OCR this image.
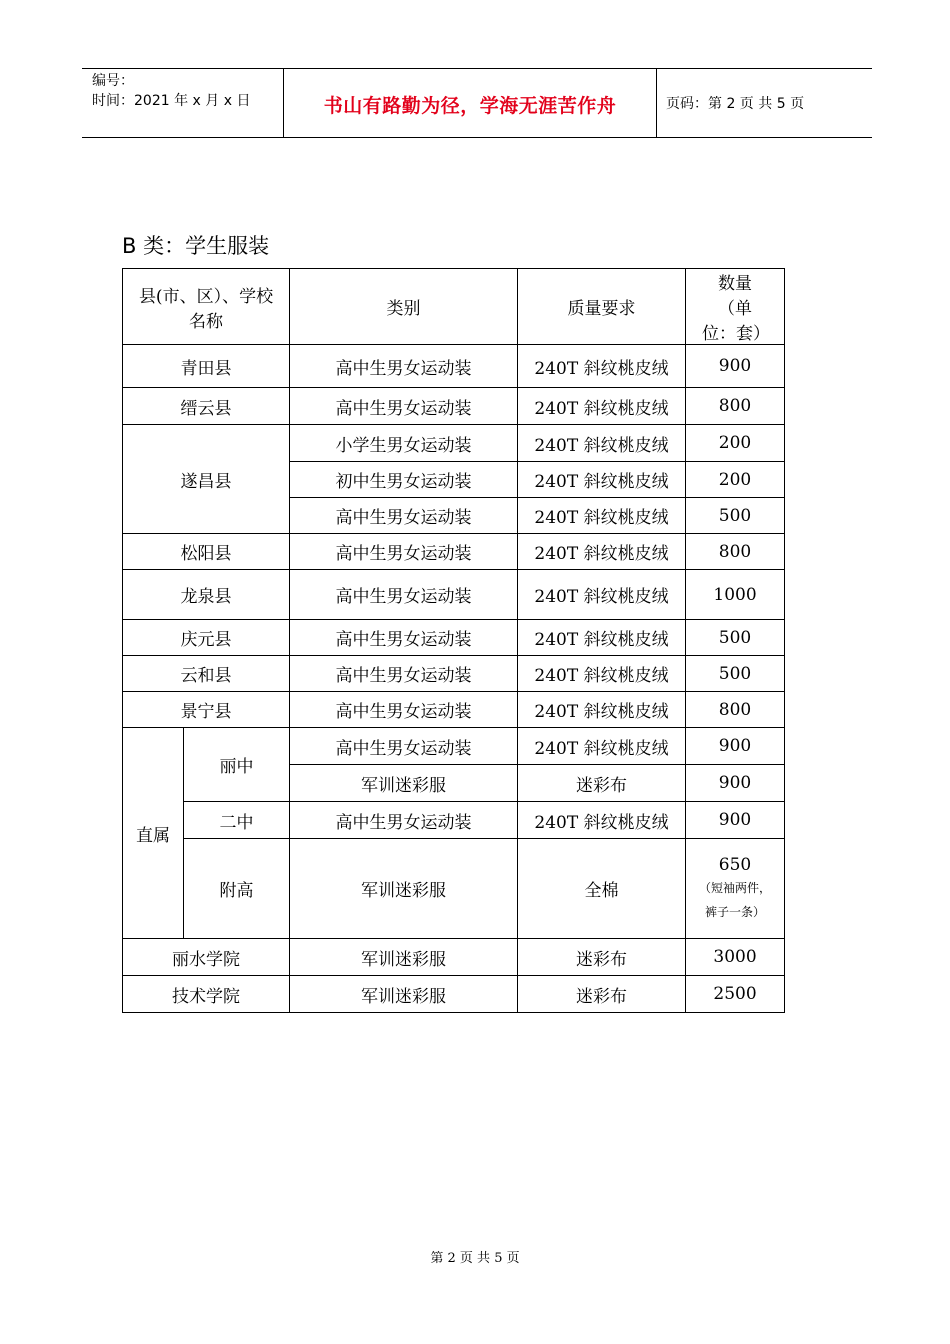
编号：
时间：2021 年 x 月 x 日	书山有路勤为径，学海无涯苦作舟	页码：第 2 页 共 5 页
B 类：学生服装
县(市、区）、学校名称		类别	质量要求	数量（单位：套）
青田县		高中生男女运动装	240T 斜纹桃皮绒	900
缙云县		高中生男女运动装	240T 斜纹桃皮绒	800
遂昌县		小学生男女运动装	240T 斜纹桃皮绒	200
		初中生男女运动装	240T 斜纹桃皮绒	200
		高中生男女运动装	240T 斜纹桃皮绒	500
松阳县		高中生男女运动装	240T 斜纹桃皮绒	800
龙泉县		高中生男女运动装	240T 斜纹桃皮绒	1000
庆元县		高中生男女运动装	240T 斜纹桃皮绒	500
云和县		高中生男女运动装	240T 斜纹桃皮绒	500
景宁县		高中生男女运动装	240T 斜纹桃皮绒	800
直属	丽中	高中生男女运动装	240T 斜纹桃皮绒	900
		军训迷彩服	迷彩布	900
	二中	高中生男女运动装	240T 斜纹桃皮绒	900
	附高	军训迷彩服	全棉	650
（短袖两件，裤子一条）

丽水学院		军训迷彩服	迷彩布	3000
技术学院		军训迷彩服	迷彩布	2500
第 2 页 共 5 页
